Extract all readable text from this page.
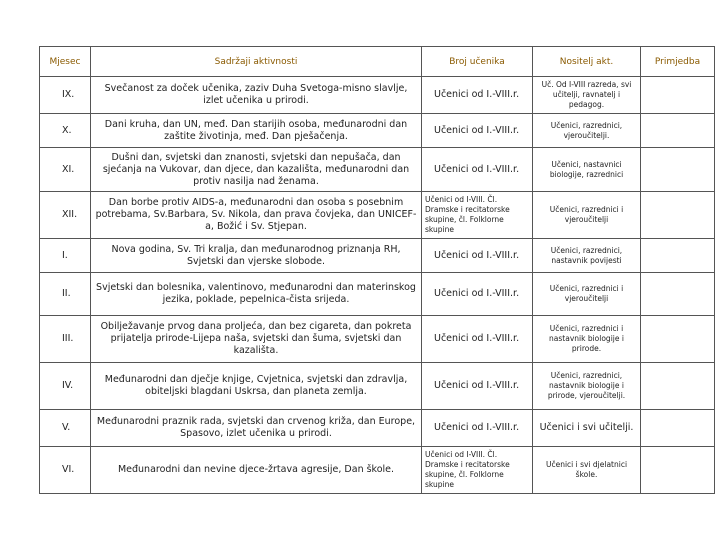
Mjesec	Sadržaji aktivnosti	Broj učenika	Nositelj akt.	Primjedba
IX.	Svečanost za doček učenika, zaziv Duha Svetoga-misno slavlje, izlet učenika u prirodi.	Učenici od I.-VIII.r.	Uč. Od I-VIII razreda, svi učitelji, ravnatelj i pedagog.	
X.	Dani kruha, dan UN, međ. Dan starijih osoba, međunarodni dan zaštite životinja, međ. Dan pješačenja.	Učenici od I.-VIII.r.	Učenici, razrednici, vjeroučitelji.	
XI.	Dušni dan, svjetski dan znanosti, svjetski dan nepušača, dan sjećanja na Vukovar, dan djece, dan kazališta, međunarodni dan protiv nasilja nad ženama.	Učenici od I.-VIII.r.	Učenici, nastavnici biologije, razrednici	
XII.	Dan borbe protiv AIDS-a, međunarodni dan osoba s posebnim potrebama, Sv.Barbara, Sv. Nikola, dan prava čovjeka, dan UNICEF-a, Božić i Sv. Stjepan.	Učenici od I-VIII. Čl. Dramske i recitatorske skupine, čl. Folklorne skupine	Učenici, razrednici i vjeroučitelji	
I.	Nova godina, Sv. Tri kralja, dan međunarodnog priznanja RH, Svjetski dan vjerske slobode.	Učenici od I.-VIII.r.	Učenici, razrednici, nastavnik povijesti	
II.	Svjetski dan bolesnika, valentinovo, međunarodni dan materinskog jezika, poklade, pepelnica-čista srijeda.	Učenici od I.-VIII.r.	Učenici, razrednici i vjeroučitelji	
III.	Obilježavanje prvog dana proljeća, dan bez cigareta, dan pokreta prijatelja prirode-Lijepa naša, svjetski dan šuma, svjetski dan kazališta.	Učenici od I.-VIII.r.	Učenici, razrednici i nastavnik biologije i prirode.	
IV.	Međunarodni dan dječje knjige, Cvjetnica, svjetski dan zdravlja, obiteljski blagdani Uskrsa, dan planeta zemlja.	Učenici od I.-VIII.r.	Učenici, razrednici, nastavnik biologije i prirode, vjeroučitelji.	
V.	Međunarodni praznik rada, svjetski dan crvenog križa, dan Europe, Spasovo, izlet učenika u prirodi.	Učenici od I.-VIII.r.	Učenici i svi učitelji.	
VI.	Međunarodni dan nevine djece-žrtava agresije, Dan škole.	Učenici od I-VIII. Čl. Dramske i recitatorske skupine, čl. Folklorne skupine	Učenici i svi djelatnici škole.	
